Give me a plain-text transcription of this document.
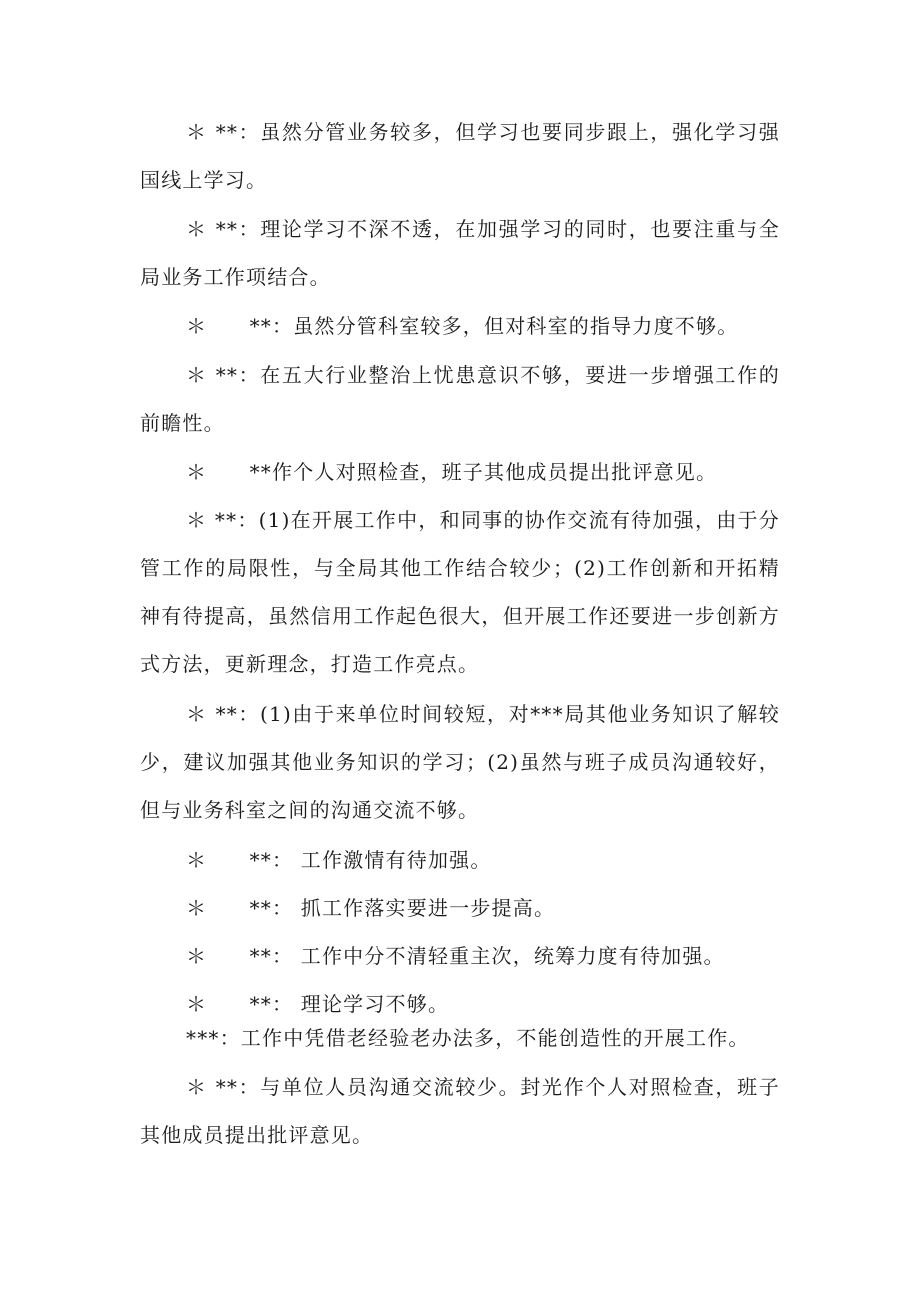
＊ **：虽然分管业务较多，但学习也要同步跟上，强化学习强国线上学习。

＊ **：理论学习不深不透，在加强学习的同时，也要注重与全局业务工作项结合。

＊　　**：虽然分管科室较多，但对科室的指导力度不够。

＊ **：在五大行业整治上忧患意识不够，要进一步增强工作的前瞻性。

＊　　**作个人对照检查，班子其他成员提出批评意见。

＊ **：(1)在开展工作中，和同事的协作交流有待加强，由于分管工作的局限性，与全局其他工作结合较少；(2)工作创新和开拓精神有待提高，虽然信用工作起色很大，但开展工作还要进一步创新方式方法，更新理念，打造工作亮点。

＊ **：(1)由于来单位时间较短，对***局其他业务知识了解较少，建议加强其他业务知识的学习；(2)虽然与班子成员沟通较好，但与业务科室之间的沟通交流不够。

＊　　**： 工作激情有待加强。

＊　　**： 抓工作落实要进一步提高。

＊　　**： 工作中分不清轻重主次，统筹力度有待加强。

＊　　**： 理论学习不够。

***：工作中凭借老经验老办法多，不能创造性的开展工作。

＊ **：与单位人员沟通交流较少。封光作个人对照检查，班子其他成员提出批评意见。
